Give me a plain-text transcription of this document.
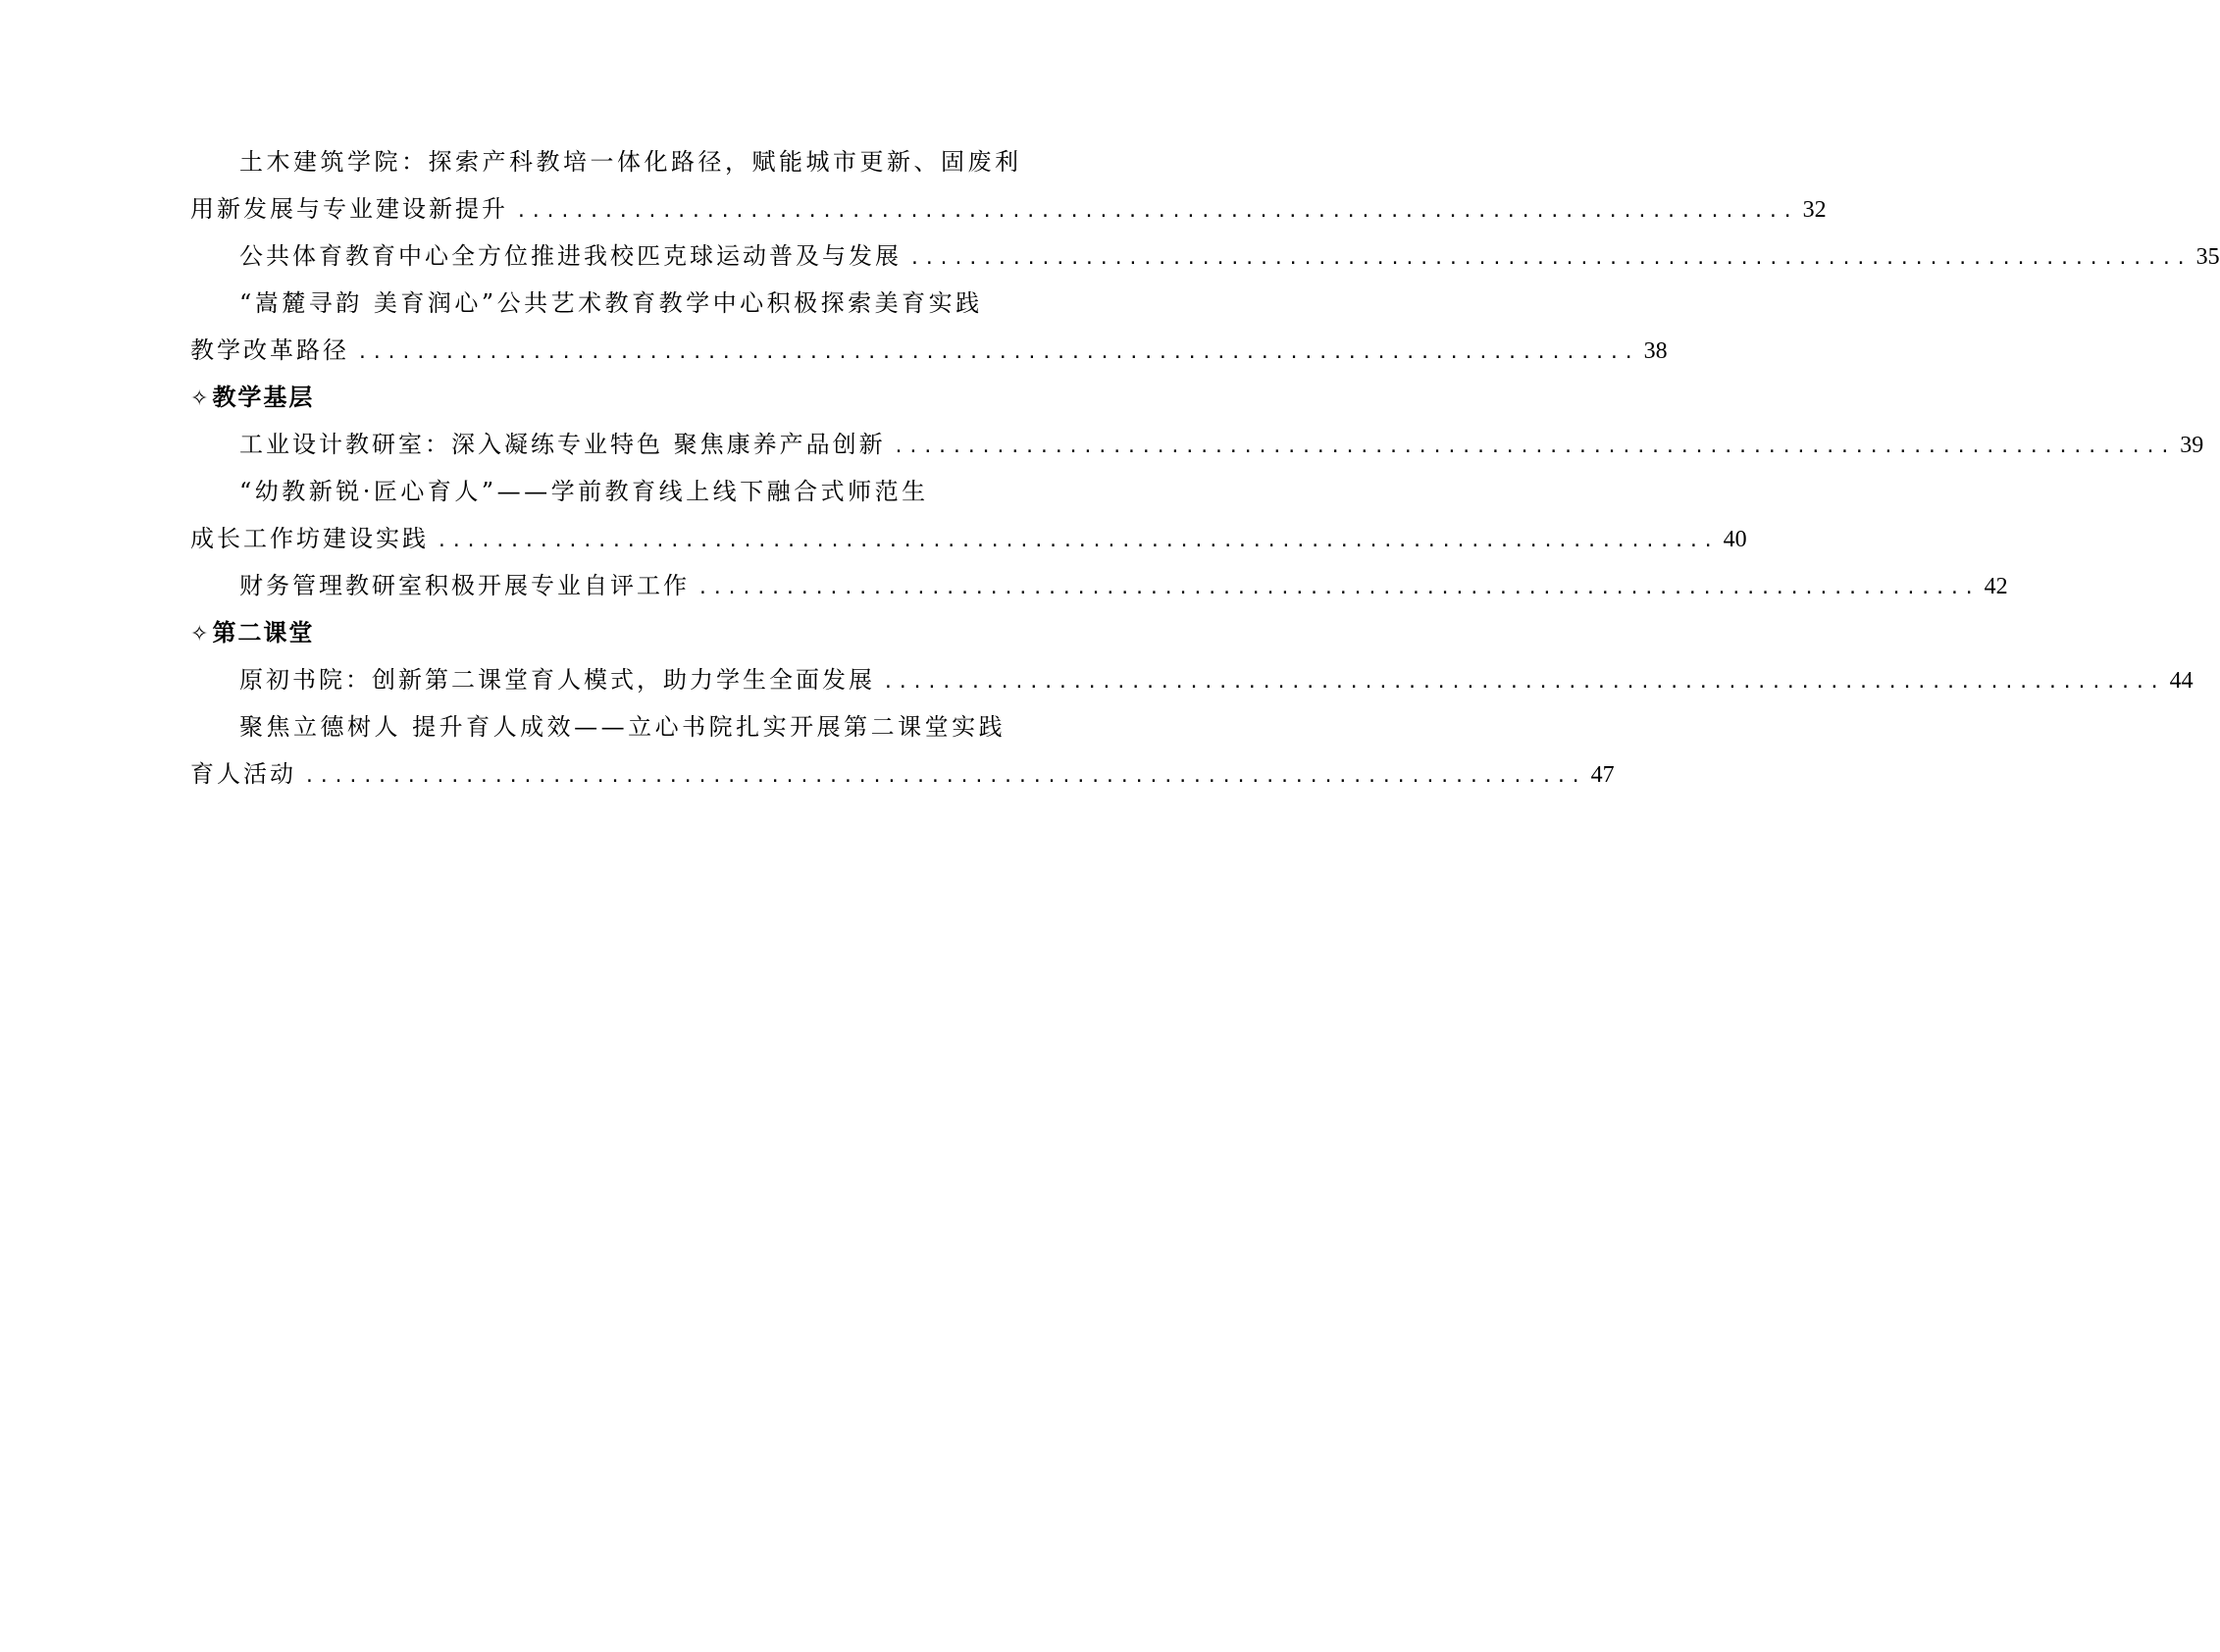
土木建筑学院：探索产科教培一体化路径，赋能城市更新、固废利
用新发展与专业建设新提升 ........................................................................................ 32
公共体育教育中心全方位推进我校匹克球运动普及与发展 ........................................................................................ 35
“嵩麓寻韵 美育润心”公共艺术教育教学中心积极探索美育实践
教学改革路径 ........................................................................................ 38
✧教学基层
工业设计教研室：深入凝练专业特色 聚焦康养产品创新 ........................................................................................ 39
“幼教新锐·匠心育人”——学前教育线上线下融合式师范生
成长工作坊建设实践 ........................................................................................ 40
财务管理教研室积极开展专业自评工作 ........................................................................................ 42
✧第二课堂
原初书院：创新第二课堂育人模式，助力学生全面发展 ........................................................................................ 44
聚焦立德树人 提升育人成效——立心书院扎实开展第二课堂实践
育人活动 ........................................................................................ 47
